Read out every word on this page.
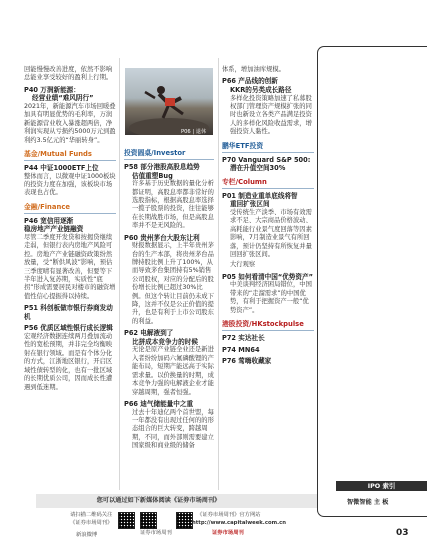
回能慢慢改善进度，依然不影响总能业享受较好的盈利上行期。
P40 万润新能源：
经营业绩“难风阴行”
2021年，新能源汽车市场回暖叠加具有明显优势的毛利率，万润新能源营业收入暴涨超两倍，净利润实现从亏损约5000万元到盈利约3.5亿元的“华丽转身”。
基金/Mutual Funds
P44 中证1000ETF上位
整体而言，以微观中证1000板块的投资力度在加强，该板块市场表现也占优。
金融/Finance
P46 宽信用逐渐
稳房地产产业链融资
尽管二季度开发贷和按揭贷继续走弱，但银行表内房地产风险可控。房地产产业链融资政策纷然放量，受“断供风波”影响，预估三季度晴有显著改善，但要等下半年进入复苏期，实质性“底拐”形成需要居民对楼市的融资增值性信心提振得以持续。
P51 科创板做市银行券商发动机
P56 优质区域性银行成长逻辑
宏观经济数据连续两月叠加流动性的宽松预期，并非完全均衡映射在银行领域。而是有个体分化的方式，江浙地区银行，开启区域性债转型的化，也有一批区域的长期优质公司，因而成长性遭遇到低迷期。
P06 | 退休
投资圆桌/Investor
P58 部分港股高股息趋势
估值重塑Bug
许多基于历史数据的量化分析都证明，高股息率都非常好的选股指标，根据高股息率选择一揽子股票的投资，往往能够在长期战胜市场，但是高股息率并不是无风险的。
P60 贵州茅台大股东让利
财报数据显示，上半年贵州茅台的生产本部，将贵州茅台品牌持股比例上升了100%，从而导致茅台集团持有5%销售公司股权，对应的分配后的股份增长比例已超过30%比例。但这个转让目前仍未成下降，这并不仅是公正价值的提升，也是有利于上市公司股东的利益。
P62 电解液到了
比拼成本竞争力的时候
无论是原产业链全业还是新进入者纷纷加码六氟磷酸锂的产能布局，短期产能远高于实际需求量。以价换量的时期，成本竞争力强的电解液企业才能穿越周期，强者恒强。
P66 迪气储能量中之重
过去十年迪亿两个首世盟，每一年都没有出现过任何的的形态组合的巨大转变，跨越周期，不同，而外部则需要建立国家级和商业级的储备
体系，增加油库规模。
P66 产品线的创新
KKR的另类成长路径
多样化投资策略加速了私募股权部门管理资产规模扩张的同时也新设立各类产品满足投资人的多样化风险收益需求，增强投资人黏性。
鹏华ETF投资
P70 Vanguard S&P 500:
潜在升值空间30%
专栏/Column
P01 制造业重单底线将智
重回扩张区间
受传统生产淡季、市场有效需求不足、大宗商品价格波动、高耗能行业景气度回落等因素影响，7月制造业景气有所回落，预计仍坚持有所恢复并量回回扩张区间。
大行观察
P05 如何看清中国“优势资产”
中美谈判经济困局错位，中国带来的“走溜需求”的中国优势，有利于把握资产一般“优势资产”。
港股投资/HKstockpulse
P72 实达社长
P74 MN64
P76 莺嗨收藏家
IPO 索引
智微智能 主 板
您可以通过如下新媒体阅读《证券市场周刊》
请扫描二维码关注
《证券市场周刊》
新浪微博	证券市场周刊
《证券市场周刊》官方网站
http://www.capitalweek.com.cn
证券市场周刊	03
